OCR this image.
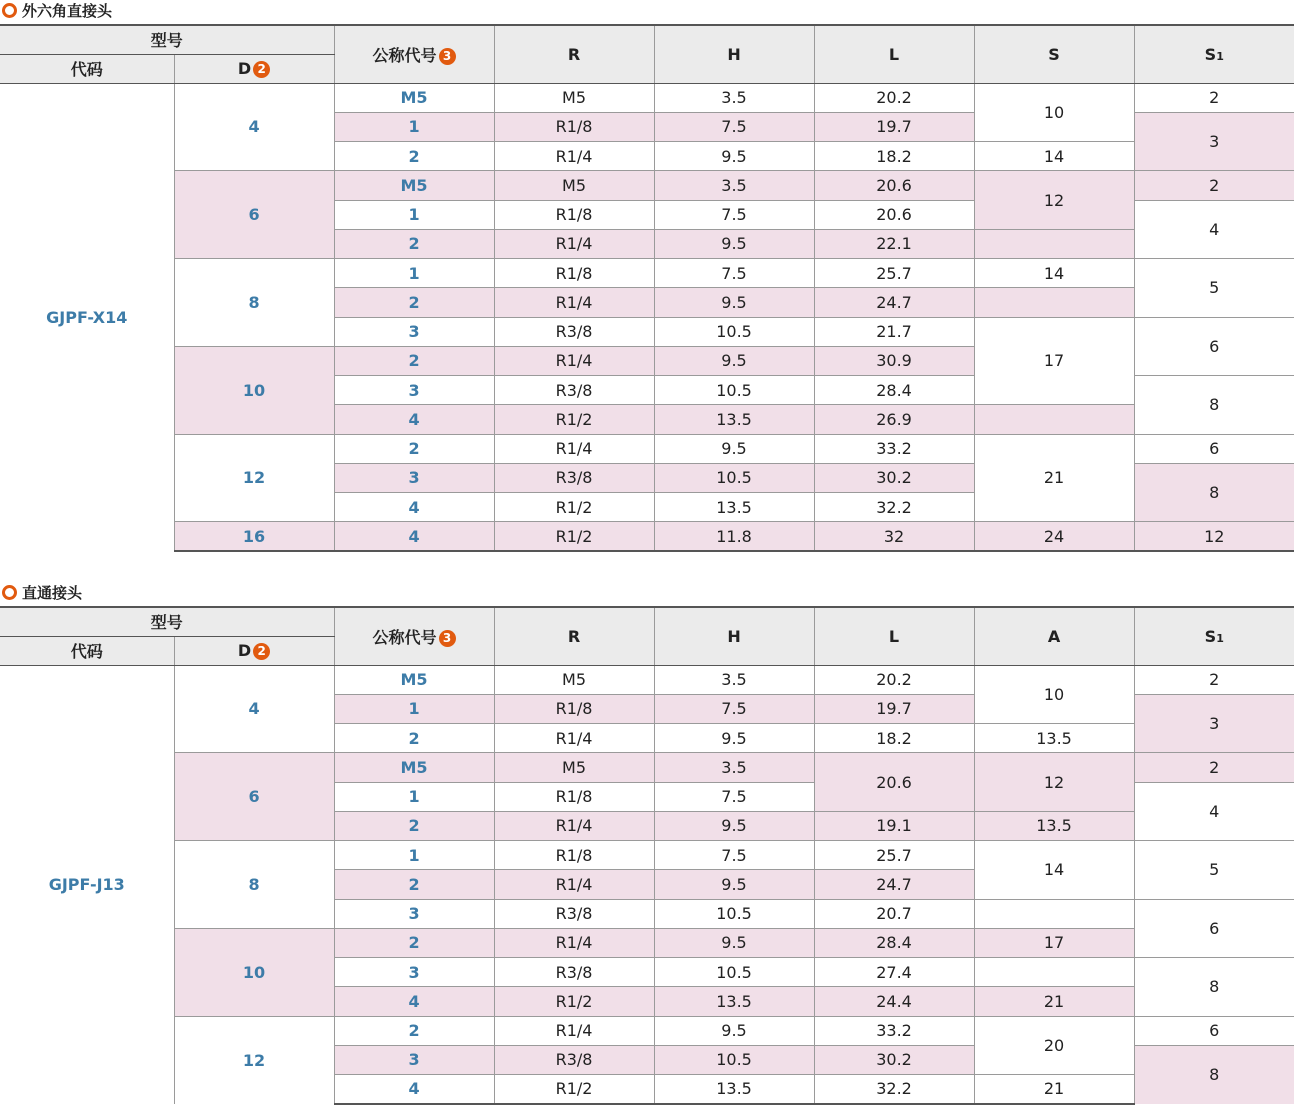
外六角直接头
型号		公称代号 3	R	H	L	S	S1
代码	D 2						
GJPF-X14	4	M5	M5	3.5	20.2	10	2
		1	R1/8	7.5	19.7		3
		2	R1/4	9.5	18.2	14	
	6	M5	M5	3.5	20.6	12	2
		1	R1/8	7.5	20.6		4
		2	R1/4	9.5	22.1		
	8	1	R1/8	7.5	25.7	14	5
		2	R1/4	9.5	24.7		
		3	R3/8	10.5	21.7	17	6
	10	2	R1/4	9.5	30.9		
		3	R3/8	10.5	28.4		8
		4	R1/2	13.5	26.9		
	12	2	R1/4	9.5	33.2	21	6
		3	R3/8	10.5	30.2		8
		4	R1/2	13.5	32.2		
	16	4	R1/2	11.8	32	24	12
直通接头
型号		公称代号 3	R	H	L	A	S1
代码	D 2						
GJPF-J13	4	M5	M5	3.5	20.2	10	2
		1	R1/8	7.5	19.7		3
		2	R1/4	9.5	18.2	13.5	
	6	M5	M5	3.5	20.6	12	2
		1	R1/8	7.5			4
		2	R1/4	9.5	19.1	13.5	
	8	1	R1/8	7.5	25.7	14	5
		2	R1/4	9.5	24.7		
		3	R3/8	10.5	20.7		6
	10	2	R1/4	9.5	28.4	17	
		3	R3/8	10.5	27.4		8
		4	R1/2	13.5	24.4	21	
	12	2	R1/4	9.5	33.2	20	6
		3	R3/8	10.5	30.2		8
		4	R1/2	13.5	32.2	21	
